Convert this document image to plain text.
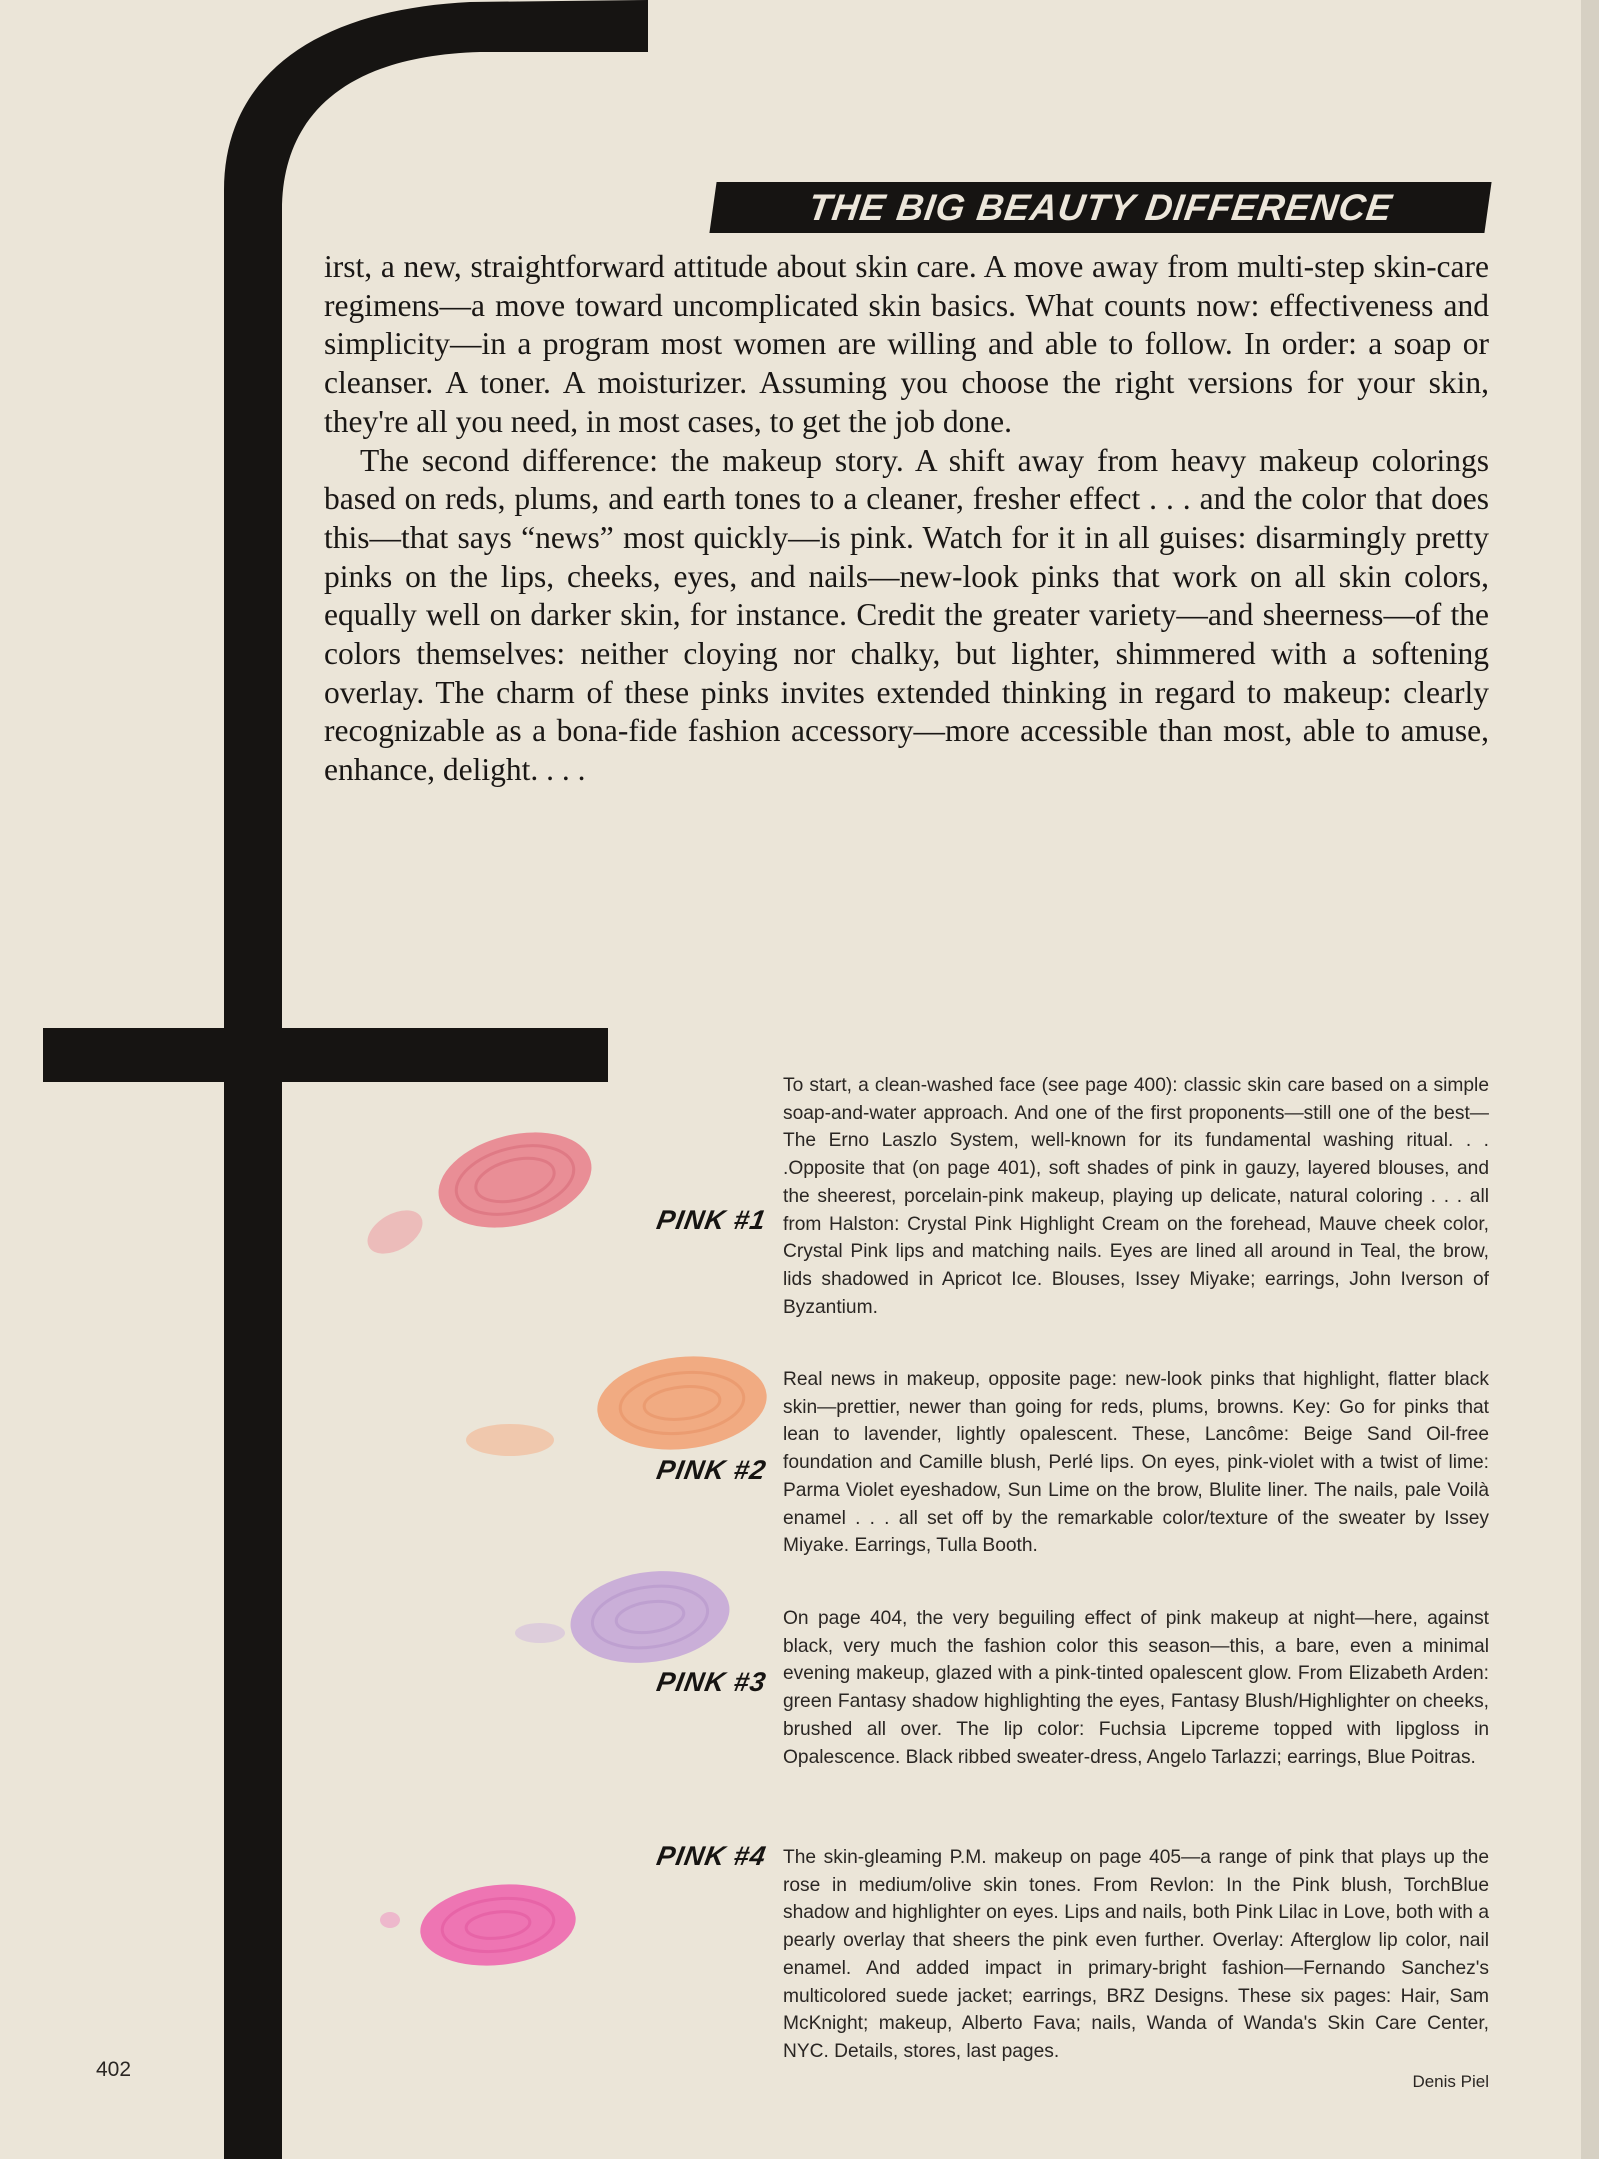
THE BIG BEAUTY DIFFERENCE

irst, a new, straightforward attitude about skin care. A move away from multi-step skin-care regimens—a move toward uncomplicated skin basics. What counts now: effectiveness and simplicity—in a program most women are willing and able to follow. In order: a soap or cleanser. A toner. A moisturizer. Assuming you choose the right versions for your skin, they're all you need, in most cases, to get the job done.

The second difference: the makeup story. A shift away from heavy makeup colorings based on reds, plums, and earth tones to a cleaner, fresher effect . . . and the color that does this—that says “news” most quickly—is pink. Watch for it in all guises: disarmingly pretty pinks on the lips, cheeks, eyes, and nails—new-look pinks that work on all skin colors, equally well on darker skin, for instance. Credit the greater variety—and sheerness—of the colors themselves: neither cloying nor chalky, but lighter, shimmered with a softening overlay. The charm of these pinks invites extended thinking in regard to makeup: clearly recognizable as a bona-fide fashion accessory—more accessible than most, able to amuse, enhance, delight. . . .

PINK #1
PINK #2
PINK #3
PINK #4

To start, a clean-washed face (see page 400): classic skin care based on a simple soap-and-water approach. And one of the first proponents—still one of the best—The Erno Laszlo System, well-known for its fundamental washing ritual. . . .Opposite that (on page 401), soft shades of pink in gauzy, layered blouses, and the sheerest, porcelain-pink makeup, playing up delicate, natural coloring . . . all from Halston: Crystal Pink Highlight Cream on the forehead, Mauve cheek color, Crystal Pink lips and matching nails. Eyes are lined all around in Teal, the brow, lids shadowed in Apricot Ice. Blouses, Issey Miyake; earrings, John Iverson of Byzantium.

Real news in makeup, opposite page: new-look pinks that highlight, flatter black skin—prettier, newer than going for reds, plums, browns. Key: Go for pinks that lean to lavender, lightly opalescent. These, Lancôme: Beige Sand Oil-free foundation and Camille blush, Perlé lips. On eyes, pink-violet with a twist of lime: Parma Violet eyeshadow, Sun Lime on the brow, Blulite liner. The nails, pale Voilà enamel . . . all set off by the remarkable color/texture of the sweater by Issey Miyake. Earrings, Tulla Booth.

On page 404, the very beguiling effect of pink makeup at night—here, against black, very much the fashion color this season—this, a bare, even a minimal evening makeup, glazed with a pink-tinted opalescent glow. From Elizabeth Arden: green Fantasy shadow highlighting the eyes, Fantasy Blush/Highlighter on cheeks, brushed all over. The lip color: Fuchsia Lipcreme topped with lipgloss in Opalescence. Black ribbed sweater-dress, Angelo Tarlazzi; earrings, Blue Poitras.

The skin-gleaming P.M. makeup on page 405—a range of pink that plays up the rose in medium/olive skin tones. From Revlon: In the Pink blush, TorchBlue shadow and highlighter on eyes. Lips and nails, both Pink Lilac in Love, both with a pearly overlay that sheers the pink even further. Overlay: Afterglow lip color, nail enamel. And added impact in primary-bright fashion—Fernando Sanchez's multicolored suede jacket; earrings, BRZ Designs. These six pages: Hair, Sam McKnight; makeup, Alberto Fava; nails, Wanda of Wanda's Skin Care Center, NYC. Details, stores, last pages.

Denis Piel
402
